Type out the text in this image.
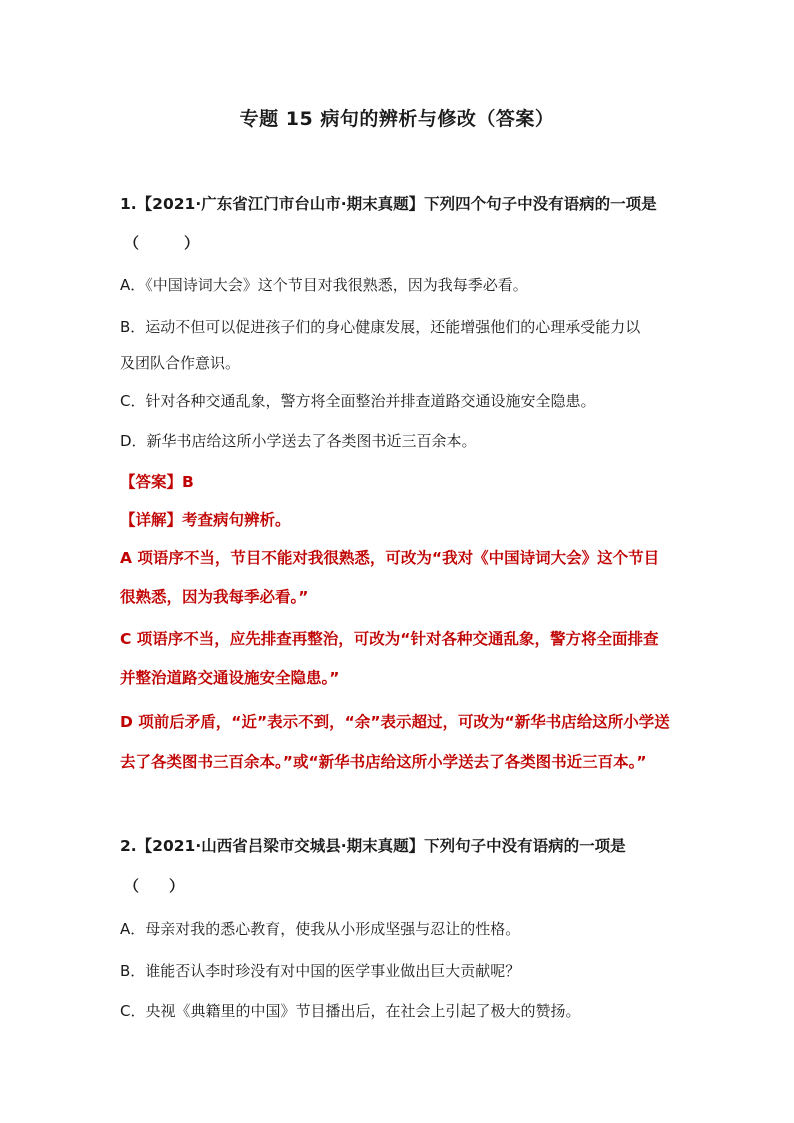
专题 15 病句的辨析与修改（答案）
1.【2021·广东省江门市台山市·期末真题】下列四个句子中没有语病的一项是
（　　　）
A．《中国诗词大会》这个节目对我很熟悉，因为我每季必看。
B．运动不但可以促进孩子们的身心健康发展，还能增强他们的心理承受能力以
及团队合作意识。
C．针对各种交通乱象，警方将全面整治并排查道路交通设施安全隐患。
D．新华书店给这所小学送去了各类图书近三百余本。
【答案】B
【详解】考查病句辨析。
A 项语序不当，节目不能对我很熟悉，可改为“我对《中国诗词大会》这个节目
很熟悉，因为我每季必看。”
C 项语序不当，应先排查再整治，可改为“针对各种交通乱象，警方将全面排查
并整治道路交通设施安全隐患。”
D 项前后矛盾，“近”表示不到，“余”表示超过，可改为“新华书店给这所小学送
去了各类图书三百余本。”或“新华书店给这所小学送去了各类图书近三百本。”
2.【2021·山西省吕梁市交城县·期末真题】下列句子中没有语病的一项是
（　　）
A．母亲对我的悉心教育，使我从小形成坚强与忍让的性格。
B．谁能否认李时珍没有对中国的医学事业做出巨大贡献呢？
C．央视《典籍里的中国》节目播出后，在社会上引起了极大的赞扬。
